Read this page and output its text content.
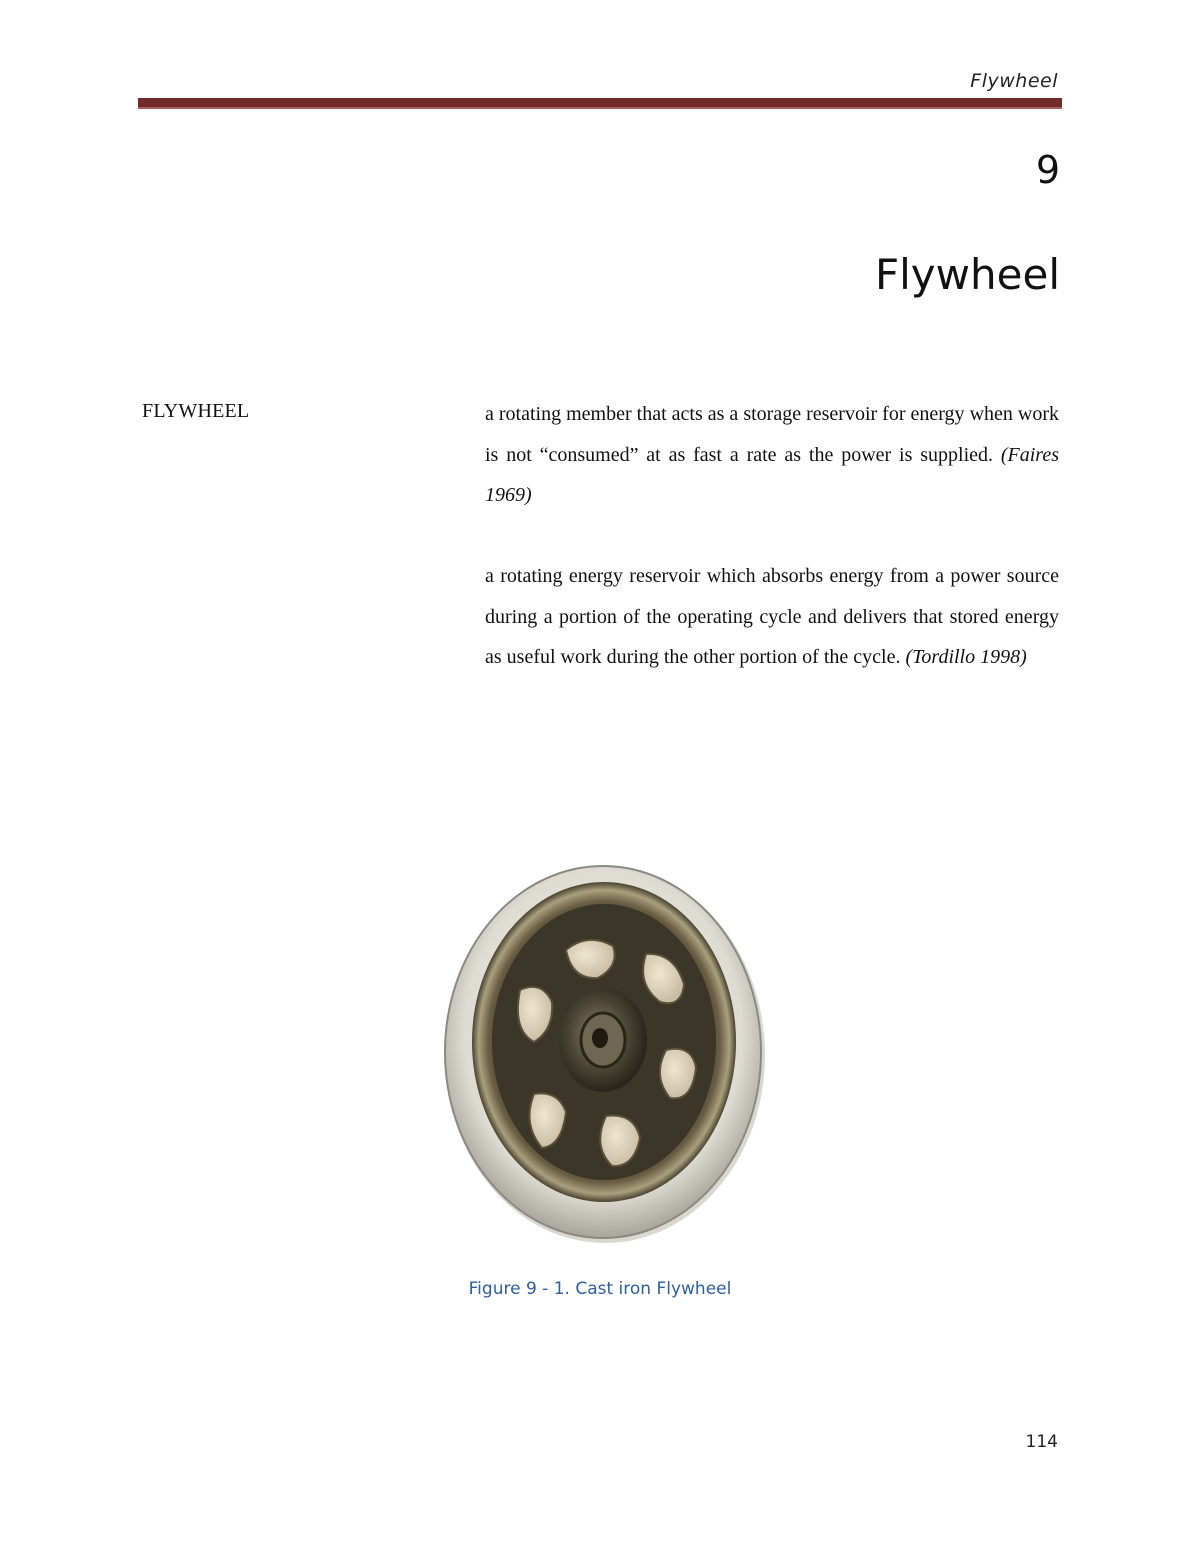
Flywheel
9
Flywheel
FLYWHEEL	a rotating member that acts as a storage reservoir for energy when work is not “consumed” at as fast a rate as the power is supplied. (Faires 1969)
a rotating energy reservoir which absorbs energy from a power source during a portion of the operating cycle and delivers that stored energy as useful work during the other portion of the cycle. (Tordillo 1998)
Figure 9 - 1. Cast iron Flywheel
114
